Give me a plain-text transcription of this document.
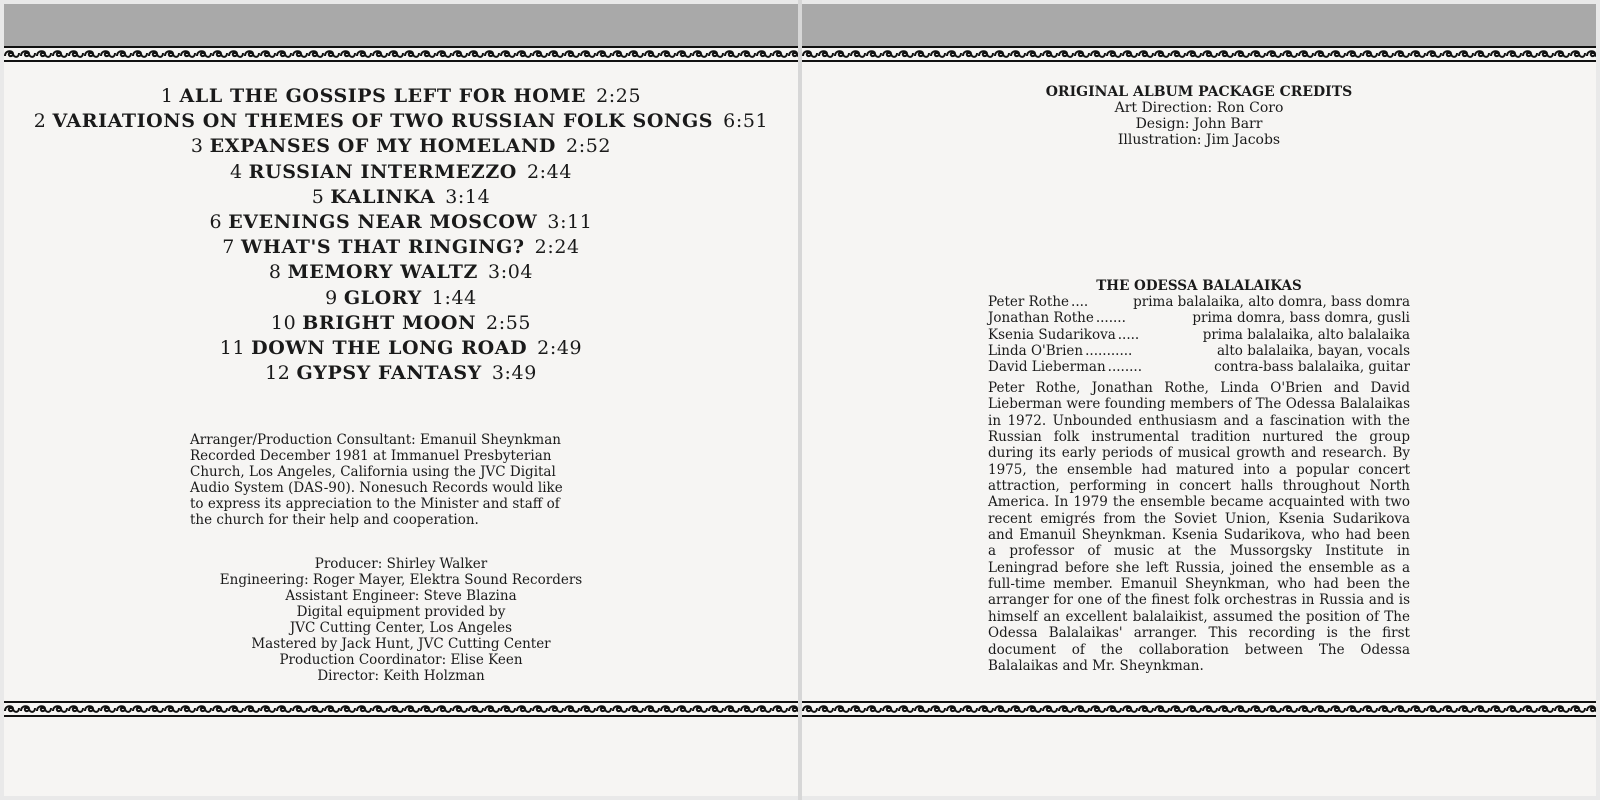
1 ALL THE GOSSIPS LEFT FOR HOME 2:25
2 VARIATIONS ON THEMES OF TWO RUSSIAN FOLK SONGS 6:51
3 EXPANSES OF MY HOMELAND 2:52
4 RUSSIAN INTERMEZZO 2:44
5 KALINKA 3:14
6 EVENINGS NEAR MOSCOW 3:11
7 WHAT'S THAT RINGING? 2:24
8 MEMORY WALTZ 3:04
9 GLORY 1:44
10 BRIGHT MOON 2:55
11 DOWN THE LONG ROAD 2:49
12 GYPSY FANTASY 3:49
Arranger/Production Consultant: Emanuil Sheynkman
Recorded December 1981 at Immanuel Presbyterian
Church, Los Angeles, California using the JVC Digital
Audio System (DAS-90). Nonesuch Records would like
to express its appreciation to the Minister and staff of
the church for their help and cooperation.
Producer: Shirley Walker
Engineering: Roger Mayer, Elektra Sound Recorders
Assistant Engineer: Steve Blazina
Digital equipment provided by
JVC Cutting Center, Los Angeles
Mastered by Jack Hunt, JVC Cutting Center
Production Coordinator: Elise Keen
Director: Keith Holzman
ORIGINAL ALBUM PACKAGE CREDITS
Art Direction: Ron Coro
Design: John Barr
Illustration: Jim Jacobs
THE ODESSA BALALAIKAS
Peter Rothe ....	prima balalaika, alto domra, bass domra
Jonathan Rothe .......	prima domra, bass domra, gusli
Ksenia Sudarikova .....	prima balalaika, alto balalaika
Linda O'Brien ...........	alto balalaika, bayan, vocals
David Lieberman ........	contra-bass balalaika, guitar
Peter Rothe, Jonathan Rothe, Linda O'Brien and David Lieberman were founding members of The Odessa Balalaikas in 1972. Unbounded enthusiasm and a fascination with the Russian folk instrumental tradition nurtured the group during its early periods of musical growth and research. By 1975, the ensemble had matured into a popular concert attraction, performing in concert halls throughout North America. In 1979 the ensemble became acquainted with two recent emigrés from the Soviet Union, Ksenia Sudarikova and Emanuil Sheynkman. Ksenia Sudarikova, who had been a professor of music at the Mussorgsky Institute in Leningrad before she left Russia, joined the ensemble as a full-time member. Emanuil Sheynkman, who had been the arranger for one of the finest folk orchestras in Russia and is himself an excellent balalaikist, assumed the position of The Odessa Balalaikas' arranger. This recording is the first document of the collaboration between The Odessa Balalaikas and Mr. Sheynkman.
